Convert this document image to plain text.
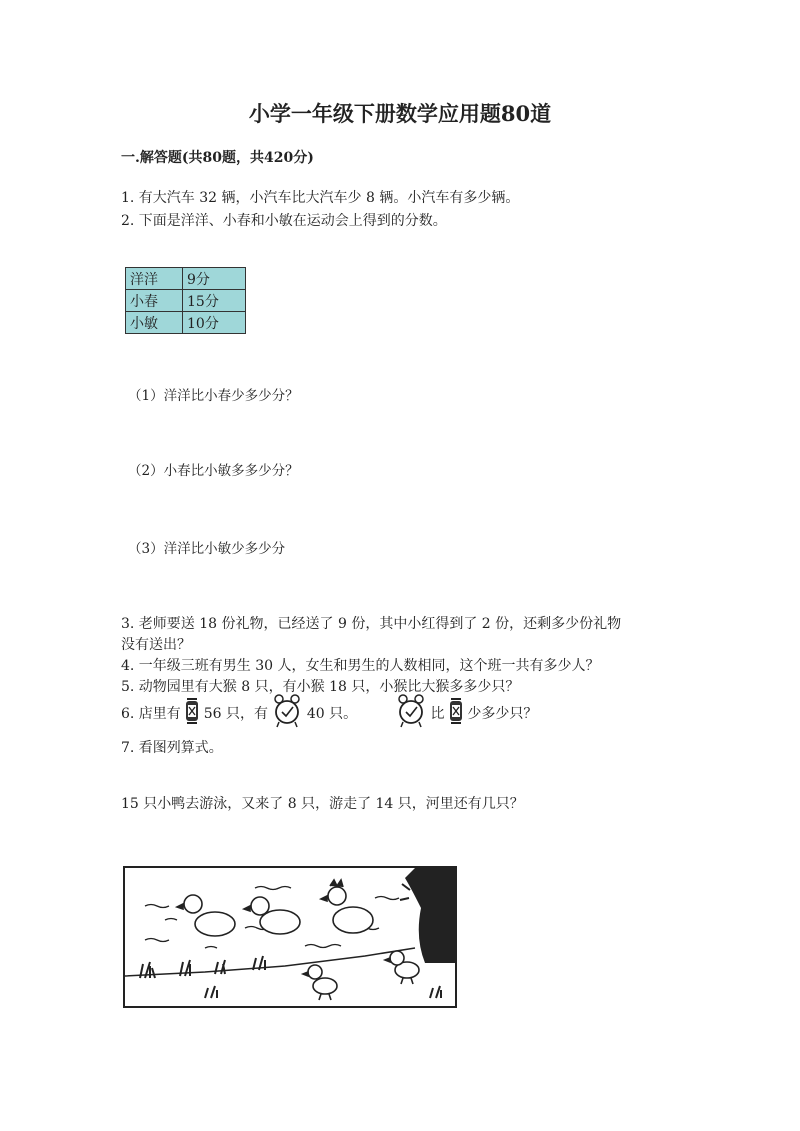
小学一年级下册数学应用题80道
一.解答题(共80题，共420分)
1. 有大汽车 32 辆，小汽车比大汽车少 8 辆。小汽车有多少辆。
2. 下面是洋洋、小春和小敏在运动会上得到的分数。
洋洋	9分
小春	15分
小敏	10分
（1）洋洋比小春少多少分？
（2）小春比小敏多多少分？
（3）洋洋比小敏少多少分
3. 老师要送 18 份礼物，已经送了 9 份，其中小红得到了 2 份，还剩多少份礼物
没有送出？
4. 一年级三班有男生 30 人，女生和男生的人数相同，这个班一共有多少人？
5. 动物园里有大猴 8 只，有小猴 18 只，小猴比大猴多多少只？
6. 店里有 56 只，有	40 只。	比 少多少只？
7. 看图列算式。
15 只小鸭去游泳，又来了 8 只，游走了 14 只，河里还有几只？
